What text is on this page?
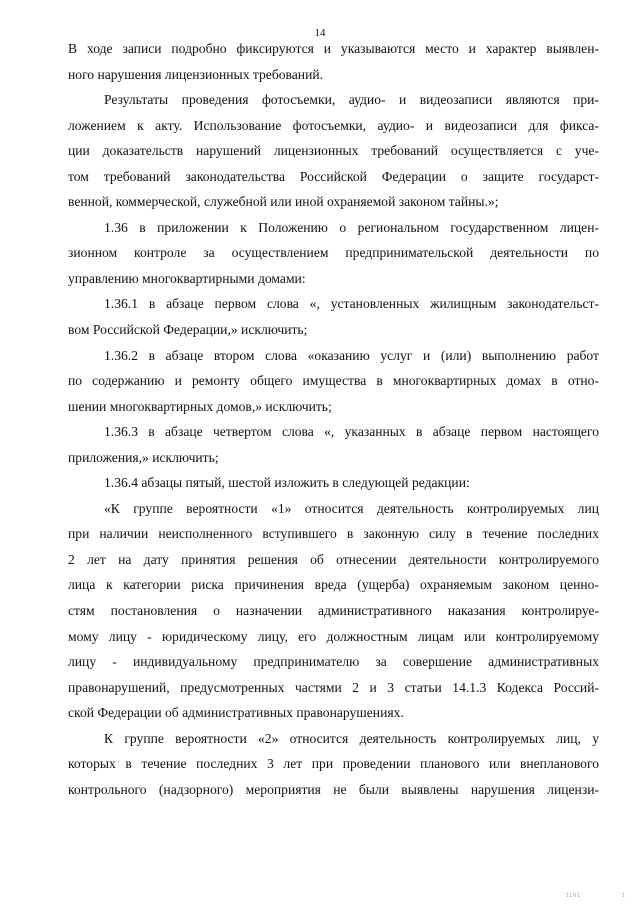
14
В ходе записи подробно фиксируются и указываются место и характер выявлен-
ного нарушения лицензионных требований.
Результаты проведения фотосъемки, аудио- и видеозаписи являются при-
ложением к акту. Использование фотосъемки, аудио- и видеозаписи для фикса-
ции доказательств нарушений лицензионных требований осуществляется с уче-
том требований законодательства Российской Федерации о защите государст-
венной, коммерческой, служебной или иной охраняемой законом тайны.»;
1.36 в приложении к Положению о региональном государственном лицен-
зионном контроле за осуществлением предпринимательской деятельности по
управлению многоквартирными домами:
1.36.1 в абзаце первом слова «, установленных жилищным законодательст-
вом Российской Федерации,» исключить;
1.36.2 в абзаце втором слова «оказанию услуг и (или) выполнению работ
по содержанию и ремонту общего имущества в многоквартирных домах в отно-
шении многоквартирных домов,» исключить;
1.36.3 в абзаце четвертом слова «, указанных в абзаце первом настоящего
приложения,» исключить;
1.36.4 абзацы пятый, шестой изложить в следующей редакции:
«К группе вероятности «1» относится деятельность контролируемых лиц
при наличии неисполненного вступившего в законную силу в течение последних
2 лет на дату принятия решения об отнесении деятельности контролируемого
лица к категории риска причинения вреда (ущерба) охраняемым законом ценно-
стям постановления о назначении административного наказания контролируе-
мому лицу - юридическому лицу, его должностным лицам или контролируемому
лицу - индивидуальному предпринимателю за совершение административных
правонарушений, предусмотренных частями 2 и 3 статьи 14.1.3 Кодекса Россий-
ской Федерации об административных правонарушениях.
К группе вероятности «2» относится деятельность контролируемых лиц, у
которых в течение последних 3 лет при проведении планового или внепланового
контрольного (надзорного) мероприятия не были выявлены нарушения лицензи-
1181	1
